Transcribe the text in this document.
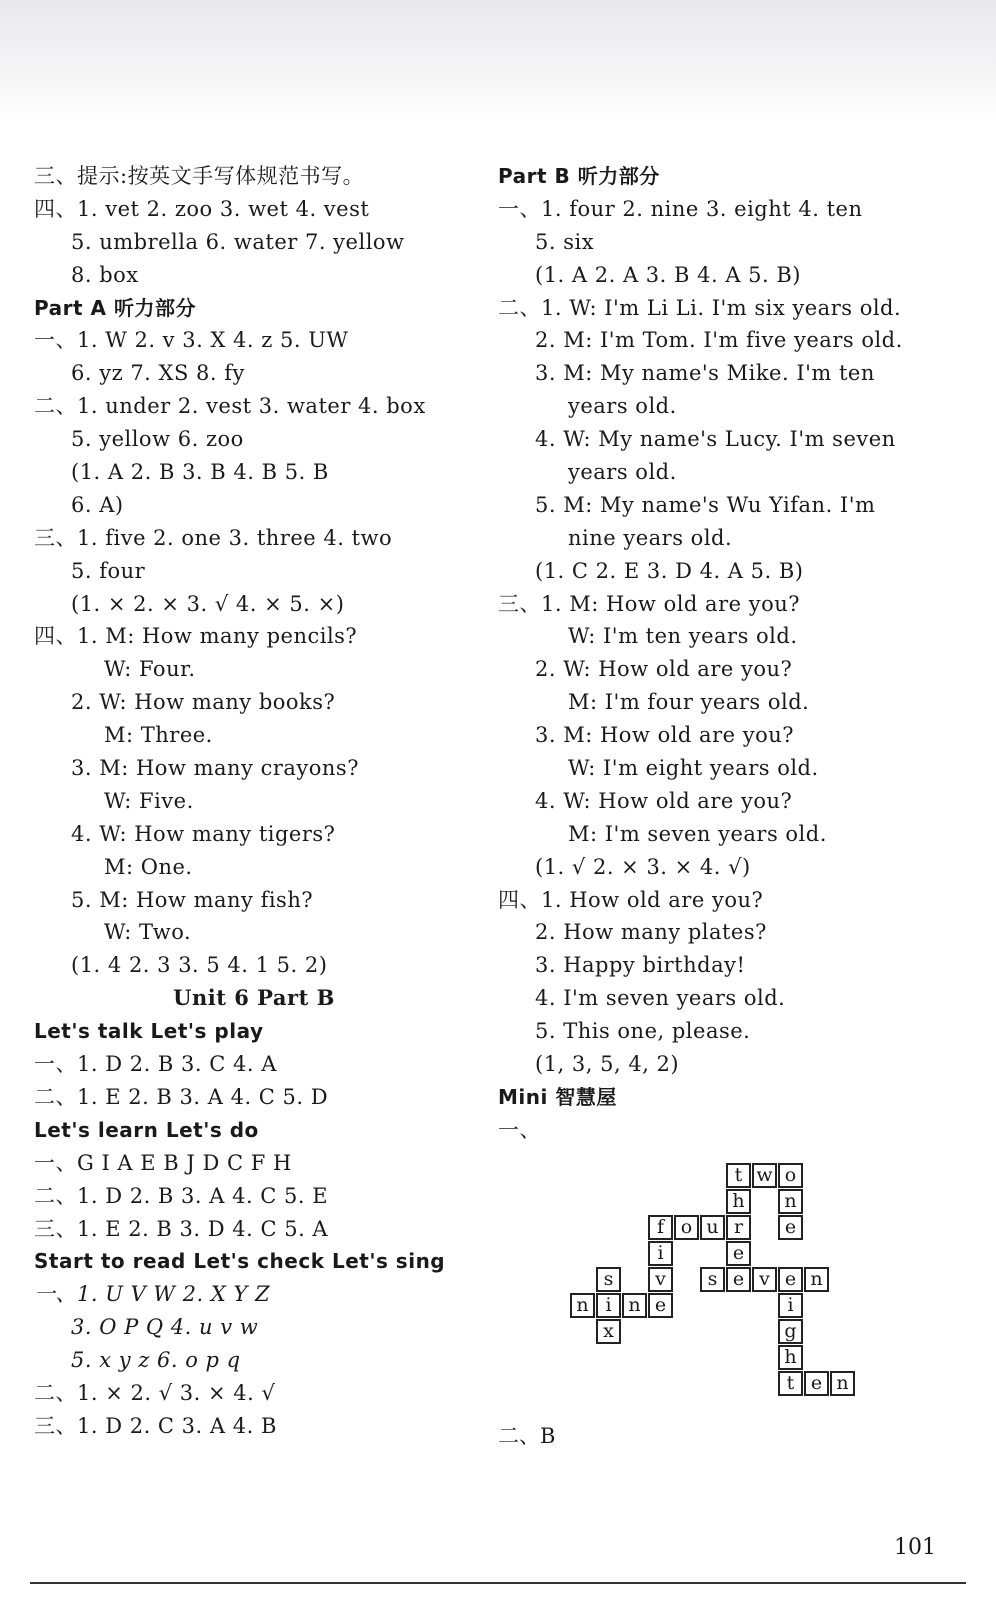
三、提示:按英文手写体规范书写。
四、1. vet 2. zoo 3. wet 4. vest
5. umbrella 6. water 7. yellow
8. box
Part A 听力部分
一、1. W 2. v 3. X 4. z 5. UW
6. yz 7. XS 8. fy
二、1. under 2. vest 3. water 4. box
5. yellow 6. zoo
(1. A 2. B 3. B 4. B 5. B
6. A)
三、1. five 2. one 3. three 4. two
5. four
(1. × 2. × 3. √ 4. × 5. ×)
四、1. M: How many pencils?
W: Four.
2. W: How many books?
M: Three.
3. M: How many crayons?
W: Five.
4. W: How many tigers?
M: One.
5. M: How many fish?
W: Two.
(1. 4 2. 3 3. 5 4. 1 5. 2)
Unit 6 Part B
Let's talk Let's play
一、1. D 2. B 3. C 4. A
二、1. E 2. B 3. A 4. C 5. D
Let's learn Let's do
一、G I A E B J D C F H
二、1. D 2. B 3. A 4. C 5. E
三、1. E 2. B 3. D 4. C 5. A
Start to read Let's check Let's sing
一、1. U V W 2. X Y Z
3. O P Q 4. u v w
5. x y z 6. o p q
二、1. × 2. √ 3. × 4. √
三、1. D 2. C 3. A 4. B
Part B 听力部分
一、1. four 2. nine 3. eight 4. ten
5. six
(1. A 2. A 3. B 4. A 5. B)
二、1. W: I'm Li Li. I'm six years old.
2. M: I'm Tom. I'm five years old.
3. M: My name's Mike. I'm ten
years old.
4. W: My name's Lucy. I'm seven
years old.
5. M: My name's Wu Yifan. I'm
nine years old.
(1. C 2. E 3. D 4. A 5. B)
三、1. M: How old are you?
W: I'm ten years old.
2. W: How old are you?
M: I'm four years old.
3. M: How old are you?
W: I'm eight years old.
4. W: How old are you?
M: I'm seven years old.
(1. √ 2. × 3. × 4. √)
四、1. How old are you?
2. How many plates?
3. Happy birthday!
4. I'm seven years old.
5. This one, please.
(1, 3, 5, 4, 2)
Mini 智慧屋
一、
t w o
h	n
f o u r	e
i	e
s	v	s e v e n
n i n e	i
x	g
h
t e n
二、B
101
